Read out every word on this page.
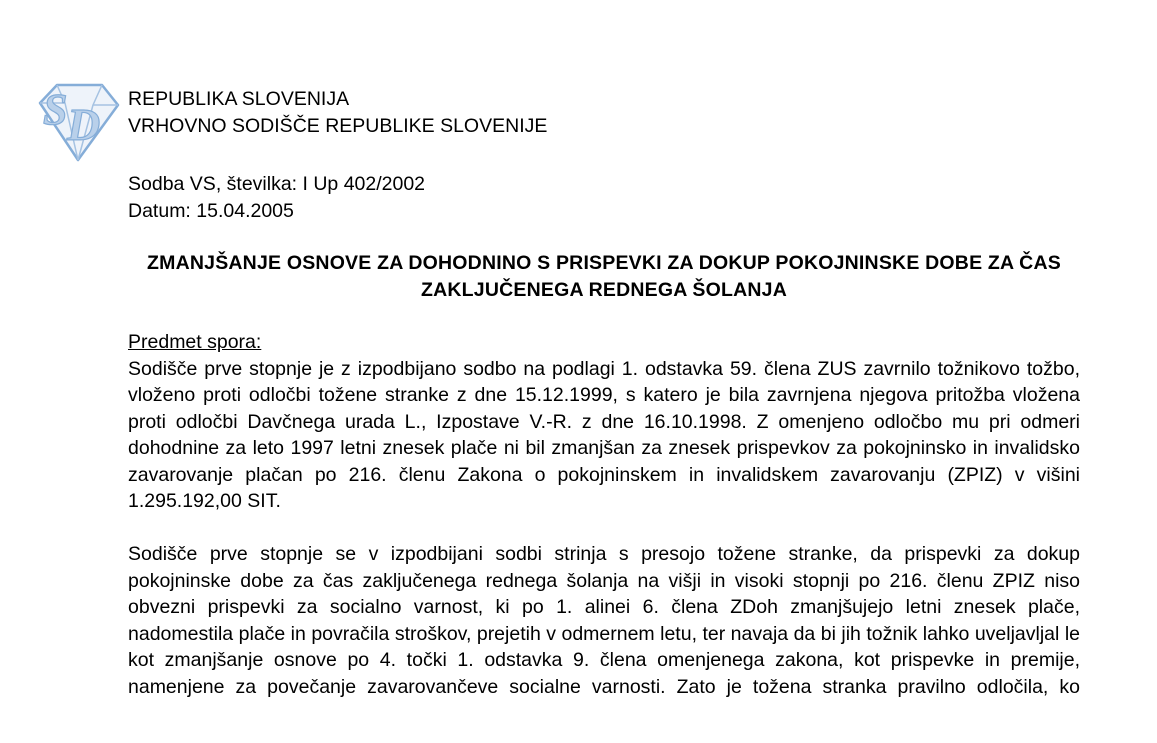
S D REPUBLIKA SLOVENIJA
VRHOVNO SODIŠČE REPUBLIKE SLOVENIJE
Sodba VS, številka: I Up 402/2002
Datum: 15.04.2005
ZMANJŠANJE OSNOVE ZA DOHODNINO S PRISPEVKI ZA DOKUP POKOJNINSKE DOBE ZA ČAS ZAKLJUČENEGA REDNEGA ŠOLANJA
Predmet spora:

Sodišče prve stopnje je z izpodbijano sodbo na podlagi 1. odstavka 59. člena ZUS zavrnilo tožnikovo tožbo, vloženo proti odločbi tožene stranke z dne 15.12.1999, s katero je bila zavrnjena njegova pritožba vložena proti odločbi Davčnega urada L., Izpostave V.-R. z dne 16.10.1998. Z omenjeno odločbo mu pri odmeri dohodnine za leto 1997 letni znesek plače ni bil zmanjšan za znesek prispevkov za pokojninsko in invalidsko zavarovanje plačan po 216. členu Zakona o pokojninskem in invalidskem zavarovanju (ZPIZ) v višini 1.295.192,00 SIT.

Sodišče prve stopnje se v izpodbijani sodbi strinja s presojo tožene stranke, da prispevki za dokup pokojninske dobe za čas zaključenega rednega šolanja na višji in visoki stopnji po 216. členu ZPIZ niso obvezni prispevki za socialno varnost, ki po 1. alinei 6. člena ZDoh zmanjšujejo letni znesek plače, nadomestila plače in povračila stroškov, prejetih v odmernem letu, ter navaja da bi jih tožnik lahko uveljavljal le kot zmanjšanje osnove po 4. točki 1. odstavka 9. člena omenjenega zakona, kot prispevke in premije, namenjene za povečanje zavarovančeve socialne varnosti. Zato je tožena stranka pravilno odločila, ko
